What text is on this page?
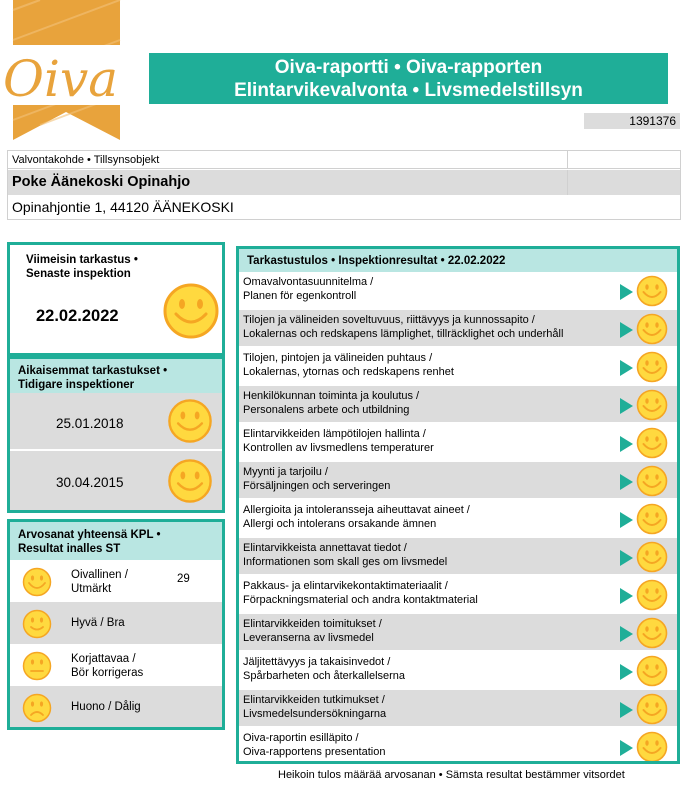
Oiva	Oiva-raportti • Oiva-rapporten
Elintarvikevalvonta • Livsmedelstillsyn
1391376
Valvontakohde • Tillsynsobjekt
Poke Äänekoski Opinahjo
Opinahjontie 1, 44120 ÄÄNEKOSKI
Viimeisin tarkastus •
Senaste inspektion
22.02.2022
Aikaisemmat tarkastukset •
Tidigare inspektioner
25.01.2018
30.04.2015
Arvosanat yhteensä KPL •
Resultat inalles ST
Oivallinen /
Utmärkt
29
Hyvä / Bra
Korjattavaa /
Bör korrigeras
Huono / Dålig
Tarkastustulos • Inspektionresultat • 22.02.2022
Omavalvontasuunnitelma /
Planen för egenkontroll
Tilojen ja välineiden soveltuvuus, riittävyys ja kunnossapito /
Lokalernas och redskapens lämplighet, tillräcklighet och underhåll
Tilojen, pintojen ja välineiden puhtaus /
Lokalernas, ytornas och redskapens renhet
Henkilökunnan toiminta ja koulutus /
Personalens arbete och utbildning
Elintarvikkeiden lämpötilojen hallinta /
Kontrollen av livsmedlens temperaturer
Myynti ja tarjoilu /
Försäljningen och serveringen
Allergioita ja intoleransseja aiheuttavat aineet /
Allergi och intolerans orsakande ämnen
Elintarvikkeista annettavat tiedot /
Informationen som skall ges om livsmedel
Pakkaus- ja elintarvikekontaktimateriaalit /
Förpackningsmaterial och andra kontaktmaterial
Elintarvikkeiden toimitukset /
Leveranserna av livsmedel
Jäljitettävyys ja takaisinvedot /
Spårbarheten och återkallelserna
Elintarvikkeiden tutkimukset /
Livsmedelsundersökningarna
Oiva-raportin esilläpito /
Oiva-rapportens presentation
Heikoin tulos määrää arvosanan • Sämsta resultat bestämmer vitsordet
